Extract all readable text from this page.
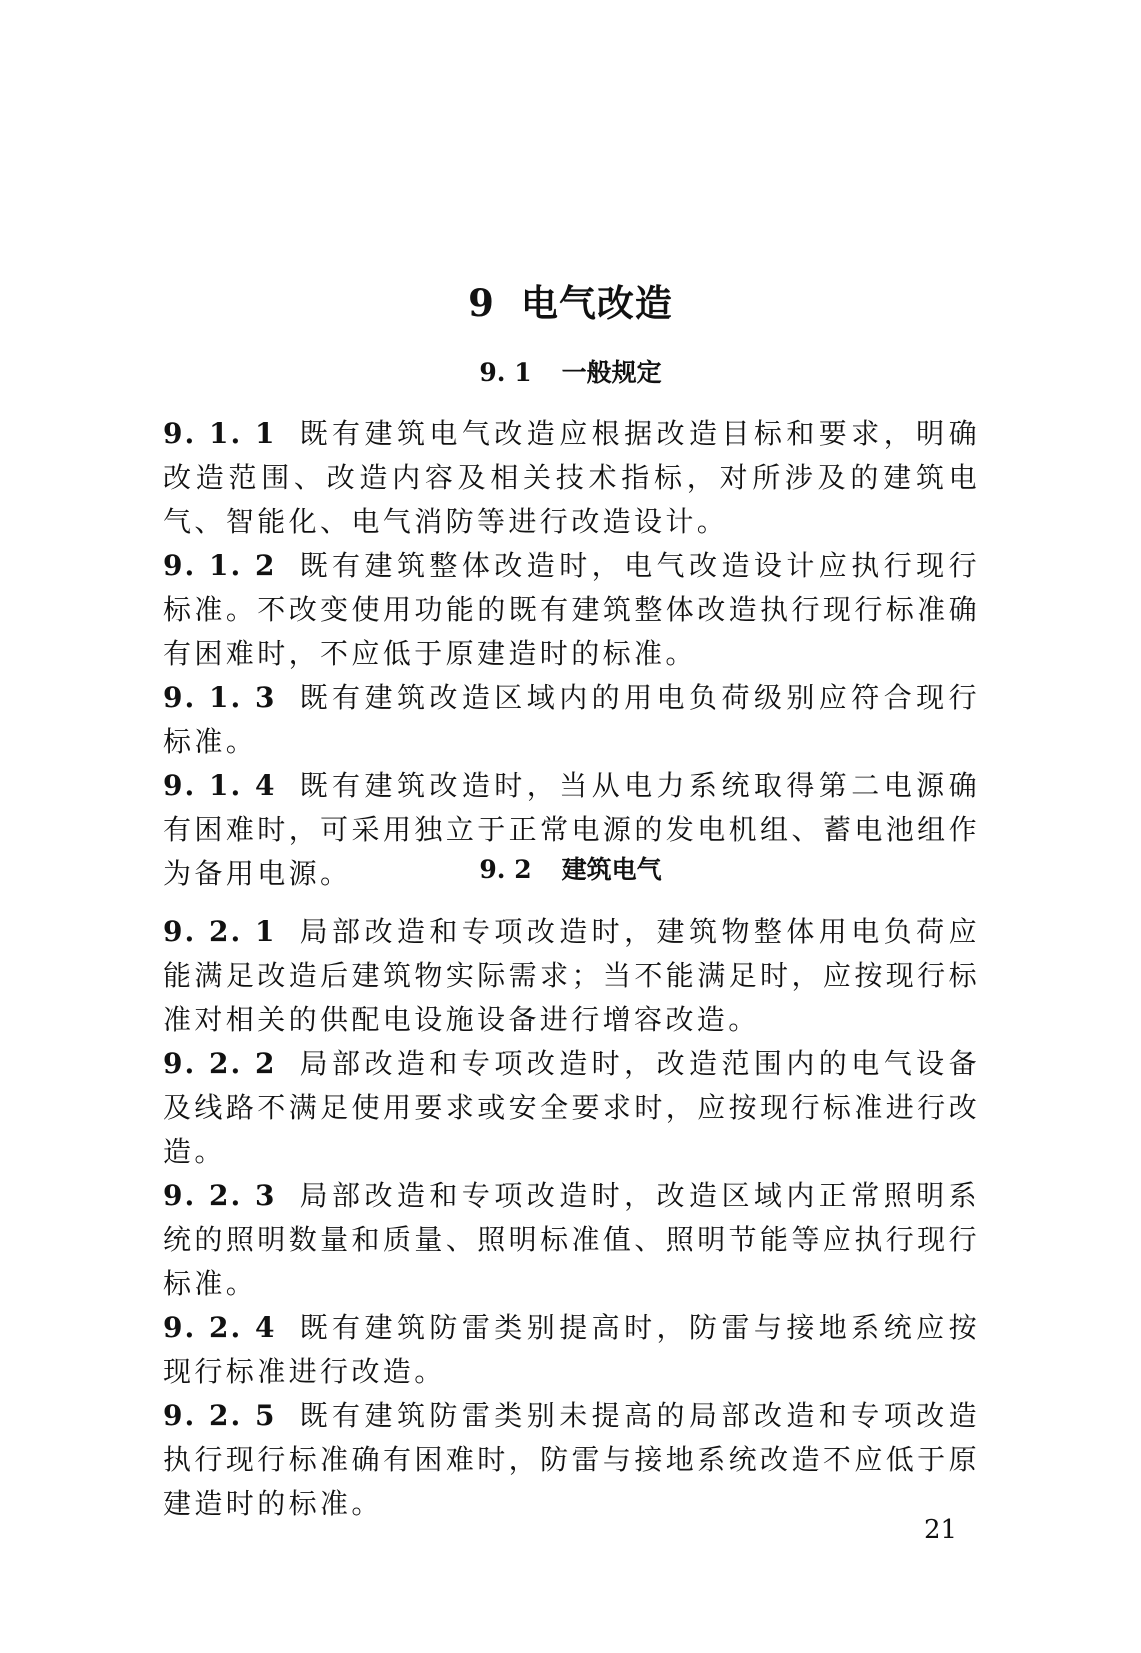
9 电气改造
9. 1 一般规定

9. 1. 1 既有建筑电气改造应根据改造目标和要求，明确改造范围、改造内容及相关技术指标，对所涉及的建筑电气、智能化、电气消防等进行改造设计。

9. 1. 2 既有建筑整体改造时，电气改造设计应执行现行标准。不改变使用功能的既有建筑整体改造执行现行标准确有困难时，不应低于原建造时的标准。

9. 1. 3 既有建筑改造区域内的用电负荷级别应符合现行标准。

9. 1. 4 既有建筑改造时，当从电力系统取得第二电源确有困难时，可采用独立于正常电源的发电机组、蓄电池组作为备用电源。	9. 2 建筑电气

9. 2. 1 局部改造和专项改造时，建筑物整体用电负荷应能满足改造后建筑物实际需求；当不能满足时，应按现行标准对相关的供配电设施设备进行增容改造。

9. 2. 2 局部改造和专项改造时，改造范围内的电气设备及线路不满足使用要求或安全要求时，应按现行标准进行改造。

9. 2. 3 局部改造和专项改造时，改造区域内正常照明系统的照明数量和质量、照明标准值、照明节能等应执行现行标准。

9. 2. 4 既有建筑防雷类别提高时，防雷与接地系统应按现行标准进行改造。

9. 2. 5 既有建筑防雷类别未提高的局部改造和专项改造执行现行标准确有困难时，防雷与接地系统改造不应低于原建造时的标准。

21
